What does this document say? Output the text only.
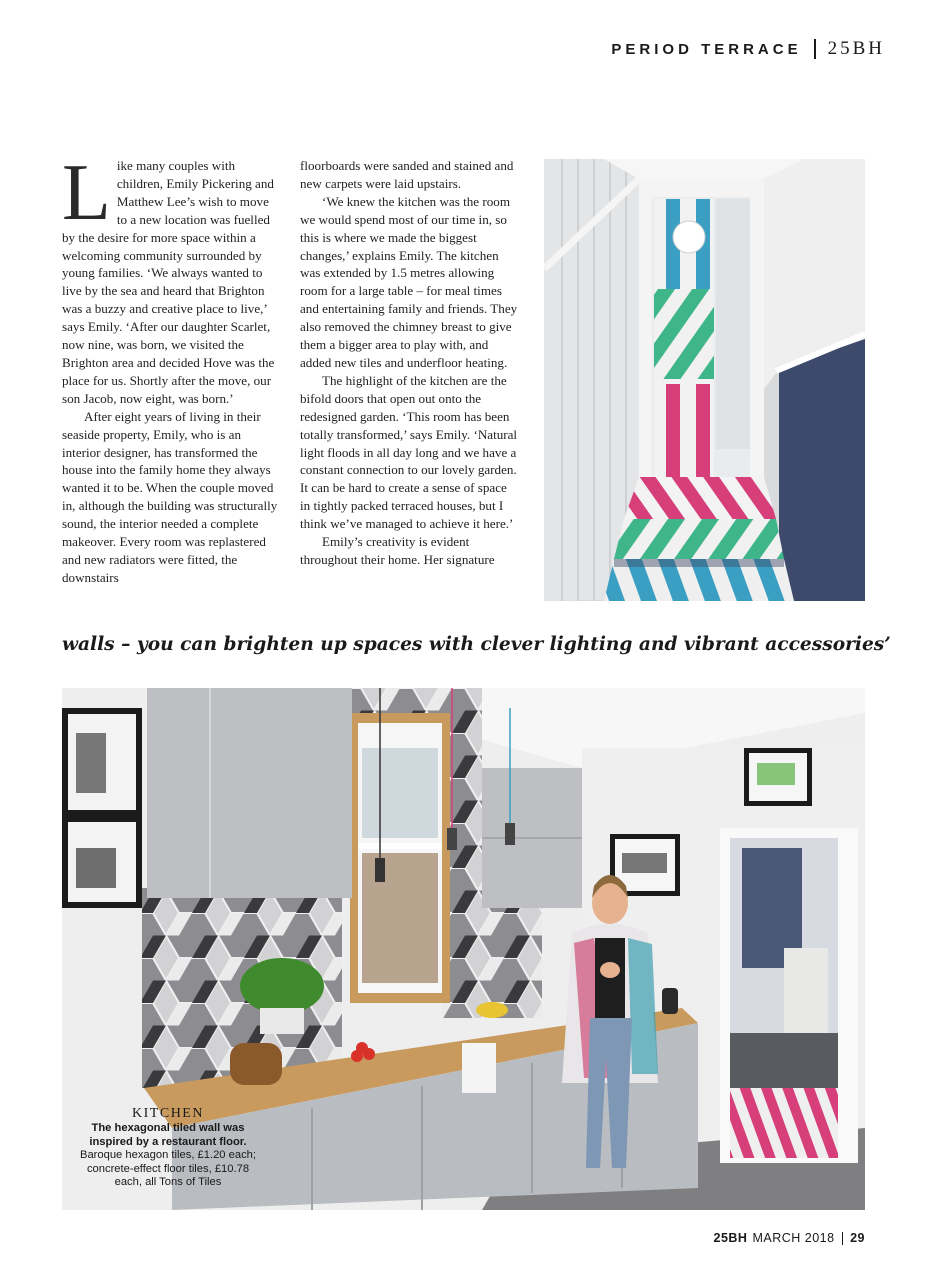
PERIOD TERRACE 25BH

Like many couples with children, Emily Pickering and Matthew Lee’s wish to move to a new location was fuelled by the desire for more space within a welcoming community surrounded by young families. ‘We always wanted to live by the sea and heard that Brighton was a buzzy and creative place to live,’ says Emily. ‘After our daughter Scarlet, now nine, was born, we visited the Brighton area and decided Hove was the place for us. Shortly after the move, our son Jacob, now eight, was born.’

After eight years of living in their seaside property, Emily, who is an interior designer, has transformed the house into the family home they always wanted it to be. When the couple moved in, although the building was structurally sound, the interior needed a complete makeover. Every room was replastered and new radiators were fitted, the downstairs

floorboards were sanded and stained and new carpets were laid upstairs.

‘We knew the kitchen was the room we would spend most of our time in, so this is where we made the biggest changes,’ explains Emily. The kitchen was extended by 1.5 metres allowing room for a large table – for meal times and entertaining family and friends. They also removed the chimney breast to give them a bigger area to play with, and added new tiles and underfloor heating.

The highlight of the kitchen are the bifold doors that open out onto the redesigned garden. ‘This room has been totally transformed,’ says Emily. ‘Natural light floods in all day long and we have a constant connection to our lovely garden. It can be hard to create a sense of space in tightly packed terraced houses, but I think we’ve managed to achieve it here.’

Emily’s creativity is evident throughout their home. Her signature

walls – you can brighten up spaces with clever lighting and vibrant accessories’
KITCHEN
The hexagonal tiled wall was inspired by a restaurant floor.
Baroque hexagon tiles, £1.20 each; concrete-effect floor tiles, £10.78 each, all Tons of Tiles
25BH MARCH 2018 29
